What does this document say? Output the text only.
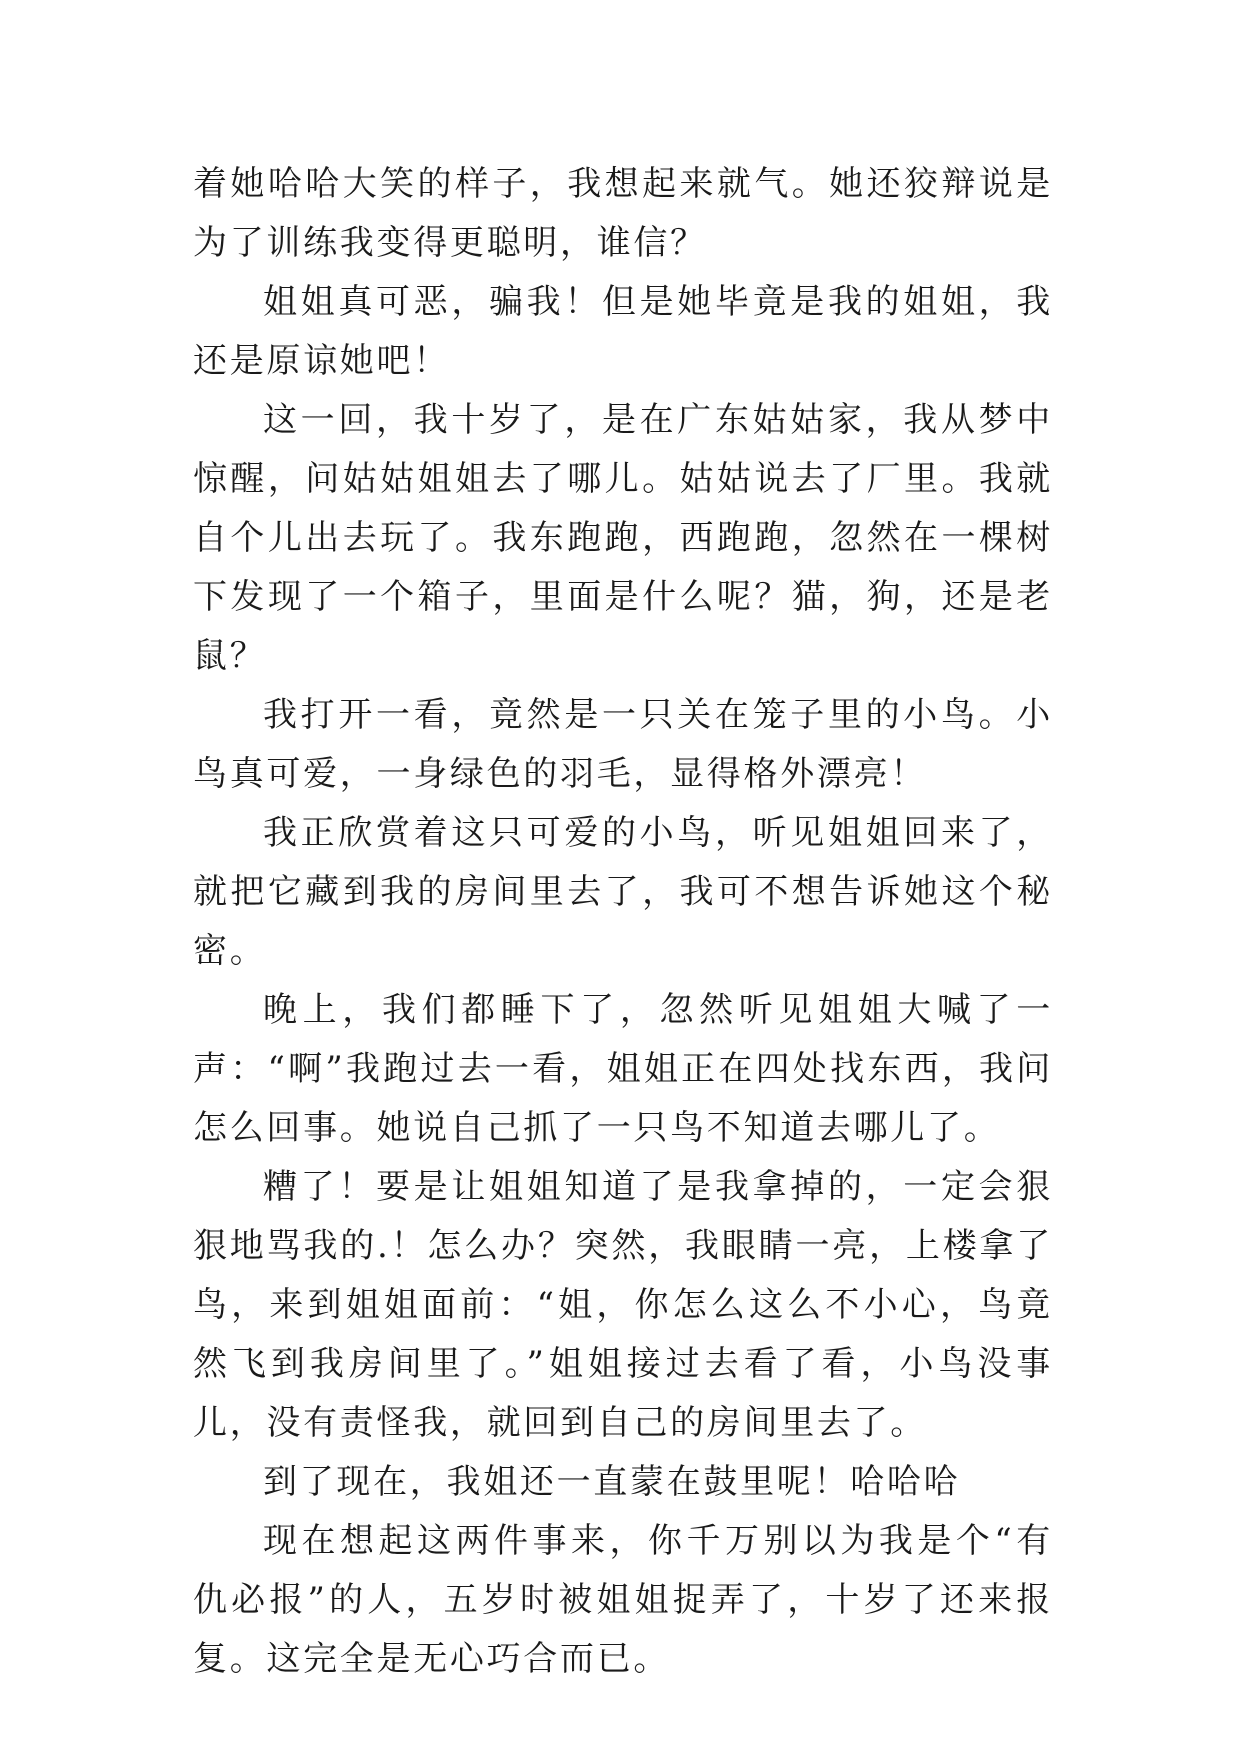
着她哈哈大笑的样子，我想起来就气。她还狡辩说是为了训练我变得更聪明，谁信？

姐姐真可恶，骗我！但是她毕竟是我的姐姐，我还是原谅她吧！

这一回，我十岁了，是在广东姑姑家，我从梦中惊醒，问姑姑姐姐去了哪儿。姑姑说去了厂里。我就自个儿出去玩了。我东跑跑，西跑跑，忽然在一棵树下发现了一个箱子，里面是什么呢？猫，狗，还是老鼠？

我打开一看，竟然是一只关在笼子里的小鸟。小鸟真可爱，一身绿色的羽毛，显得格外漂亮！

我正欣赏着这只可爱的小鸟，听见姐姐回来了，就把它藏到我的房间里去了，我可不想告诉她这个秘密。

晚上，我们都睡下了，忽然听见姐姐大喊了一声：“啊”我跑过去一看，姐姐正在四处找东西，我问怎么回事。她说自己抓了一只鸟不知道去哪儿了。

糟了！要是让姐姐知道了是我拿掉的，一定会狠狠地骂我的.！怎么办？突然，我眼睛一亮，上楼拿了鸟，来到姐姐面前：“姐，你怎么这么不小心，鸟竟然飞到我房间里了。”姐姐接过去看了看，小鸟没事儿，没有责怪我，就回到自己的房间里去了。

到了现在，我姐还一直蒙在鼓里呢！哈哈哈

现在想起这两件事来，你千万别以为我是个“有仇必报”的人，五岁时被姐姐捉弄了，十岁了还来报复。这完全是无心巧合而已。
